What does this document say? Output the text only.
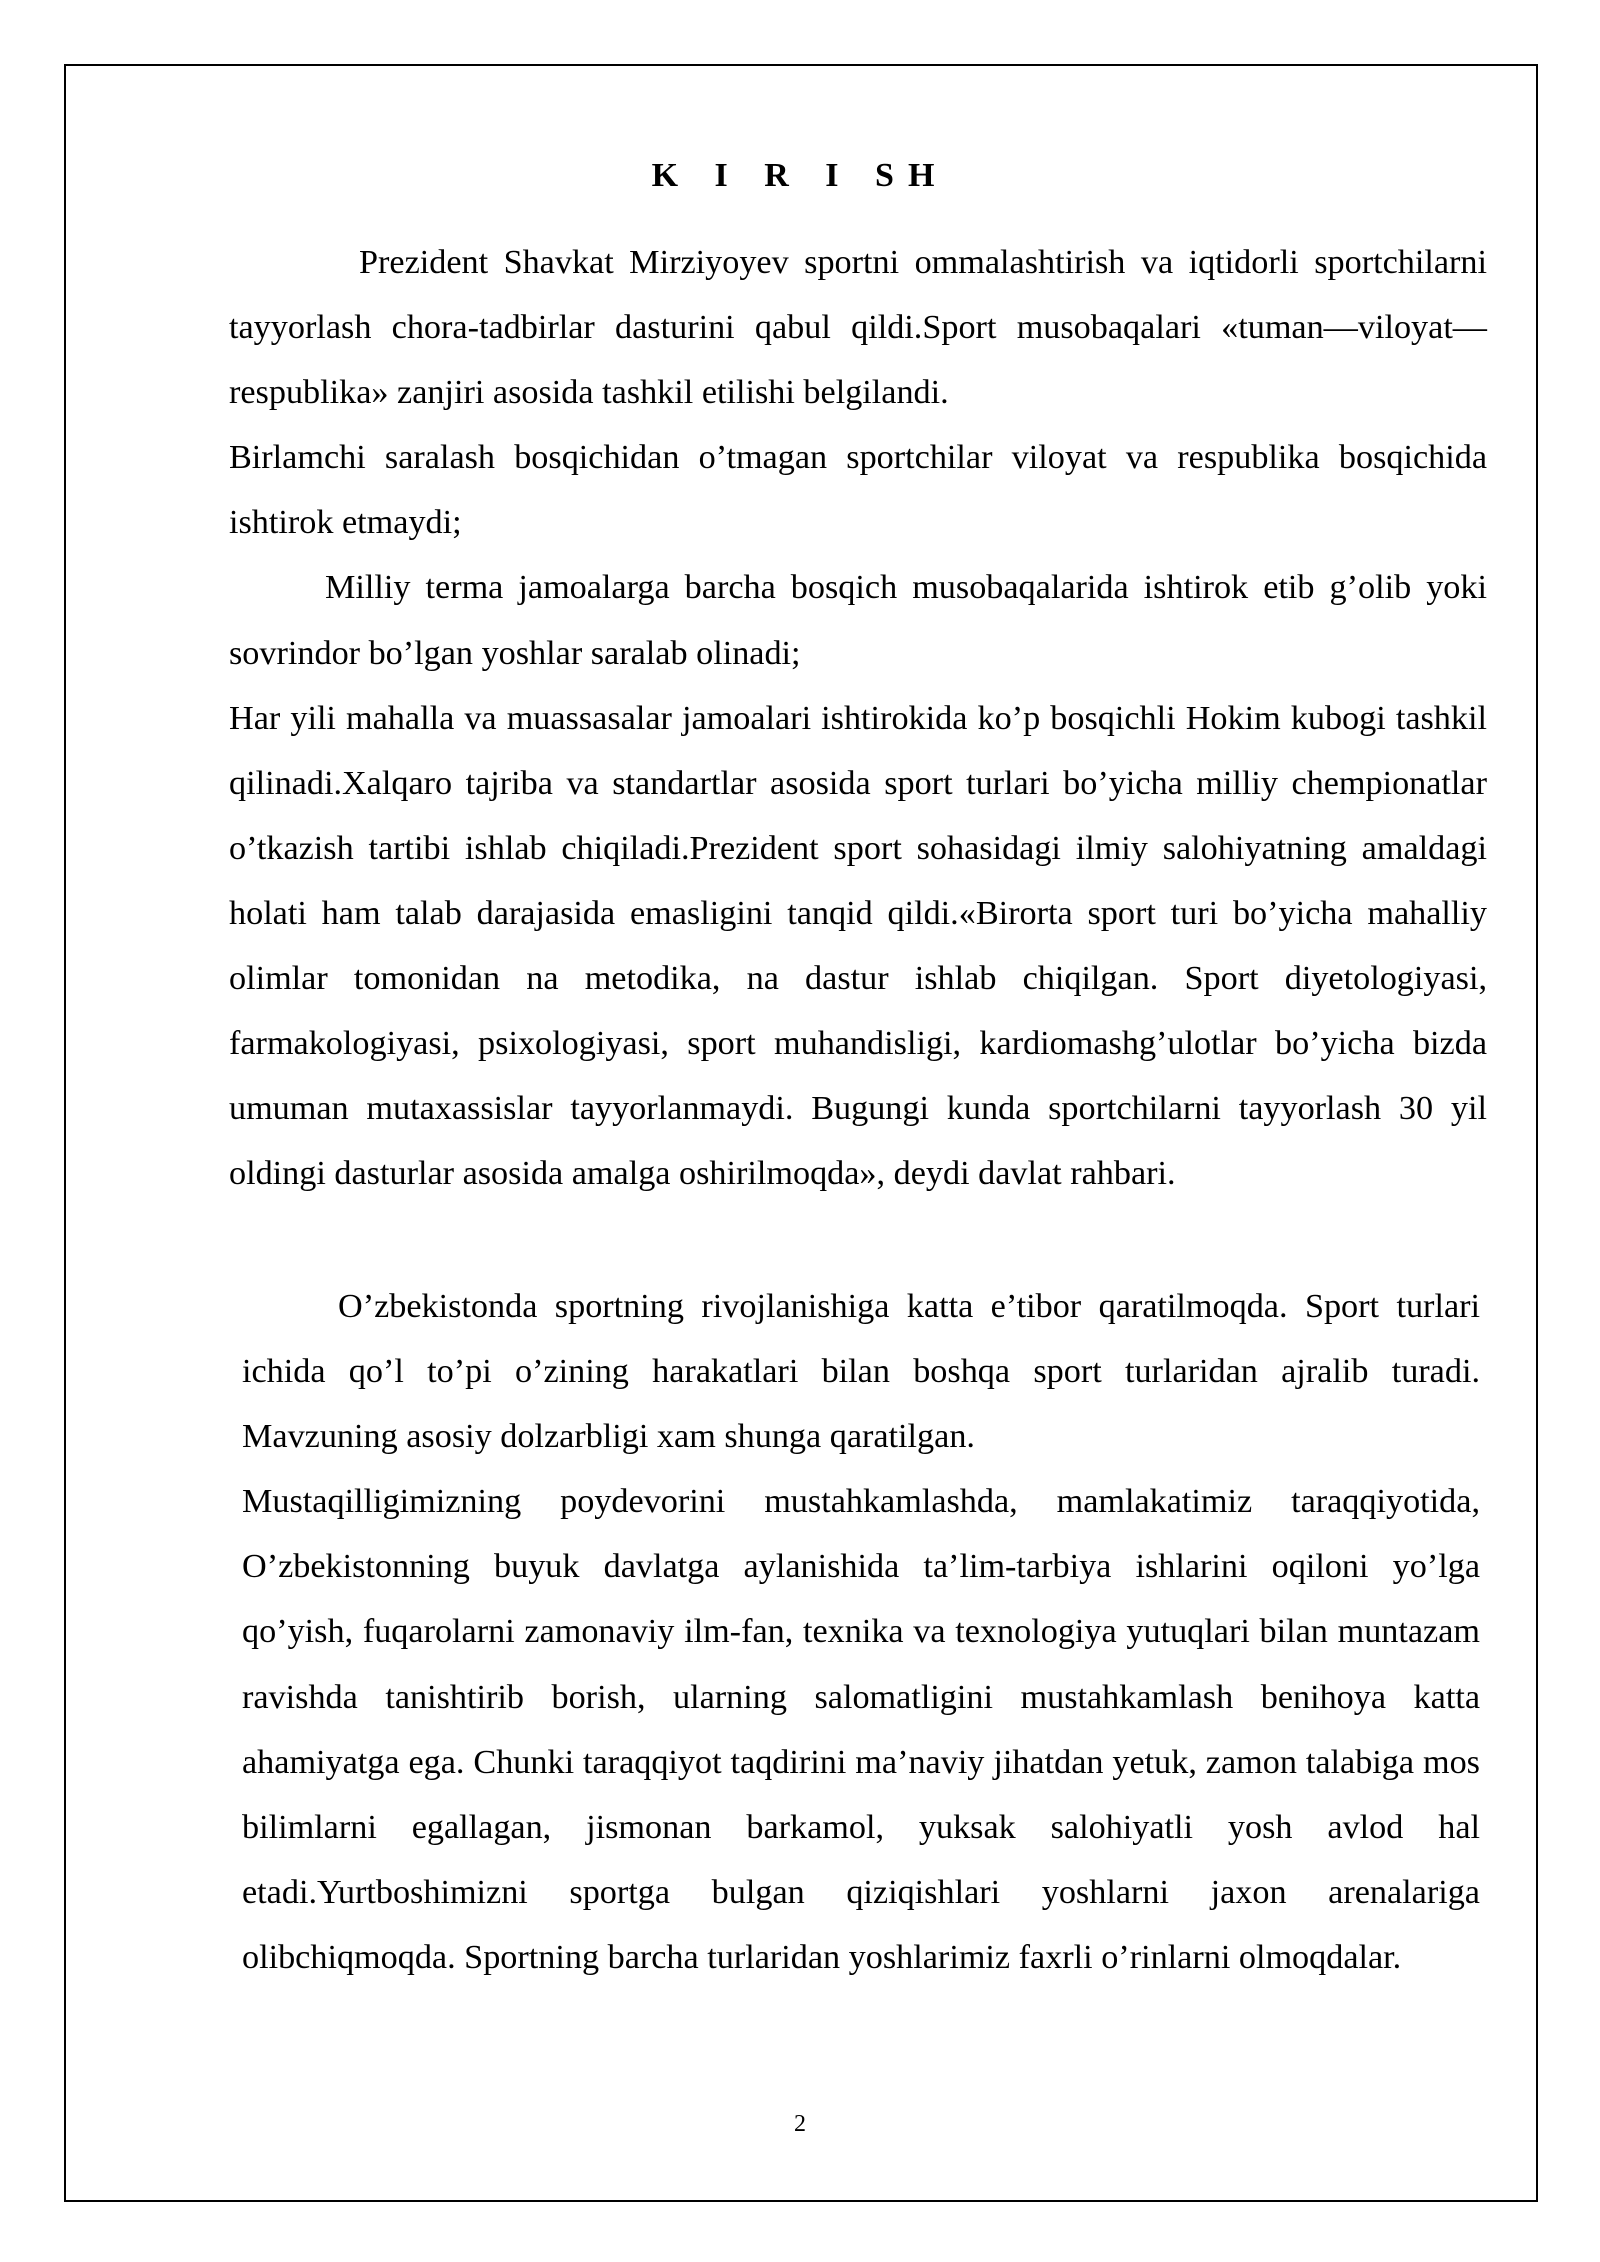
K I R I SH

Prezident Shavkat Mirziyoyev sportni ommalashtirish va iqtidorli sportchilarni tayyorlash chora-tadbirlar dasturini qabul qildi.Sport musobaqalari «tuman—viloyat—respublika» zanjiri asosida tashkil etilishi belgilandi.

Birlamchi saralash bosqichidan o’tmagan sportchilar viloyat va respublika bosqichida ishtirok etmaydi;

Milliy terma jamoalarga barcha bosqich musobaqalarida ishtirok etib g’olib yoki sovrindor bo’lgan yoshlar saralab olinadi;

Har yili mahalla va muassasalar jamoalari ishtirokida ko’p bosqichli Hokim kubogi tashkil qilinadi.Xalqaro tajriba va standartlar asosida sport turlari bo’yicha milliy chempionatlar o’tkazish tartibi ishlab chiqiladi.Prezident sport sohasidagi ilmiy salohiyatning amaldagi holati ham talab darajasida emasligini tanqid qildi.«Birorta sport turi bo’yicha mahalliy olimlar tomonidan na metodika, na dastur ishlab chiqilgan. Sport diyetologiyasi, farmakologiyasi, psixologiyasi, sport muhandisligi, kardiomashg’ulotlar bo’yicha bizda umuman mutaxassislar tayyorlanmaydi. Bugungi kunda sportchilarni tayyorlash 30 yil oldingi dasturlar asosida amalga oshirilmoqda», deydi davlat rahbari.

O’zbekistonda sportning rivojlanishiga katta e’tibor qaratilmoqda. Sport turlari ichida qo’l to’pi o’zining harakatlari bilan boshqa sport turlaridan ajralib turadi. Mavzuning asosiy dolzarbligi xam shunga qaratilgan.

Mustaqilligimizning poydevorini mustahkamlashda, mamlakatimiz taraqqiyotida, O’zbekistonning buyuk davlatga aylanishida ta’lim-tarbiya ishlarini oqiloni yo’lga qo’yish, fuqarolarni zamonaviy ilm-fan, texnika va texnologiya yutuqlari bilan muntazam ravishda tanishtirib borish, ularning salomatligini mustahkamlash benihoya katta ahamiyatga ega. Chunki taraqqiyot taqdirini ma’naviy jihatdan yetuk, zamon talabiga mos bilimlarni egallagan, jismonan barkamol, yuksak salohiyatli yosh avlod hal etadi.Yurtboshimizni sportga bulgan qiziqishlari yoshlarni jaxon arenalariga olibchiqmoqda. Sportning barcha turlaridan yoshlarimiz faxrli o’rinlarni olmoqdalar.

2
